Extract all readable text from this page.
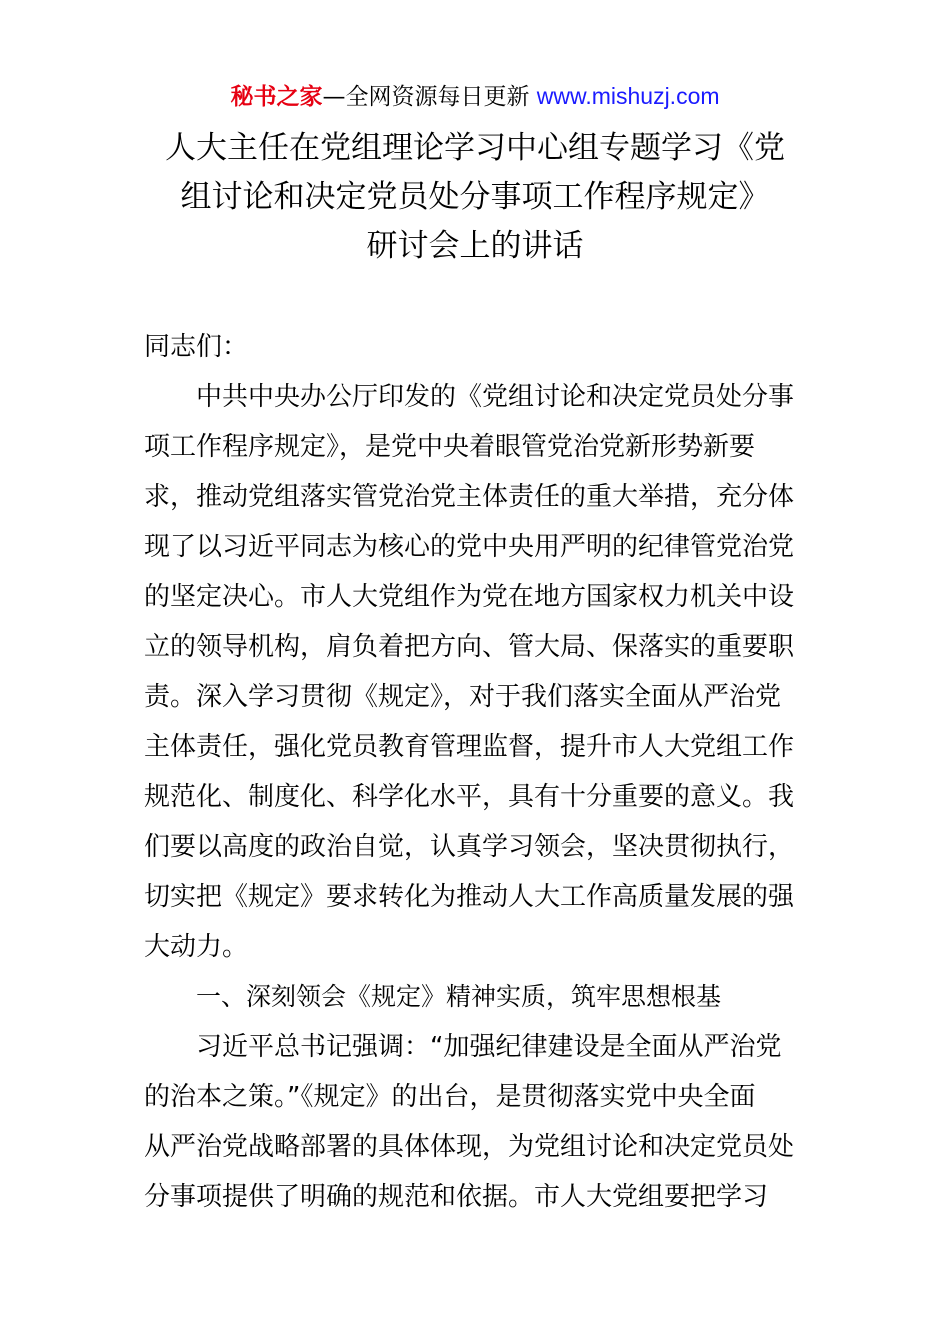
秘书之家—全网资源每日更新 www.mishuzj.com
人大主任在党组理论学习中心组专题学习《党
组讨论和决定党员处分事项工作程序规定》
研讨会上的讲话
同志们：
中共中央办公厅印发的《党组讨论和决定党员处分事
项工作程序规定》，是党中央着眼管党治党新形势新要
求，推动党组落实管党治党主体责任的重大举措，充分体
现了以习近平同志为核心的党中央用严明的纪律管党治党
的坚定决心。市人大党组作为党在地方国家权力机关中设
立的领导机构，肩负着把方向、管大局、保落实的重要职
责。深入学习贯彻《规定》，对于我们落实全面从严治党
主体责任，强化党员教育管理监督，提升市人大党组工作
规范化、制度化、科学化水平，具有十分重要的意义。我
们要以高度的政治自觉，认真学习领会，坚决贯彻执行，
切实把《规定》要求转化为推动人大工作高质量发展的强
大动力。
一、深刻领会《规定》精神实质，筑牢思想根基
习近平总书记强调：“加强纪律建设是全面从严治党
的治本之策。”《规定》的出台，是贯彻落实党中央全面
从严治党战略部署的具体体现，为党组讨论和决定党员处
分事项提供了明确的规范和依据。市人大党组要把学习
